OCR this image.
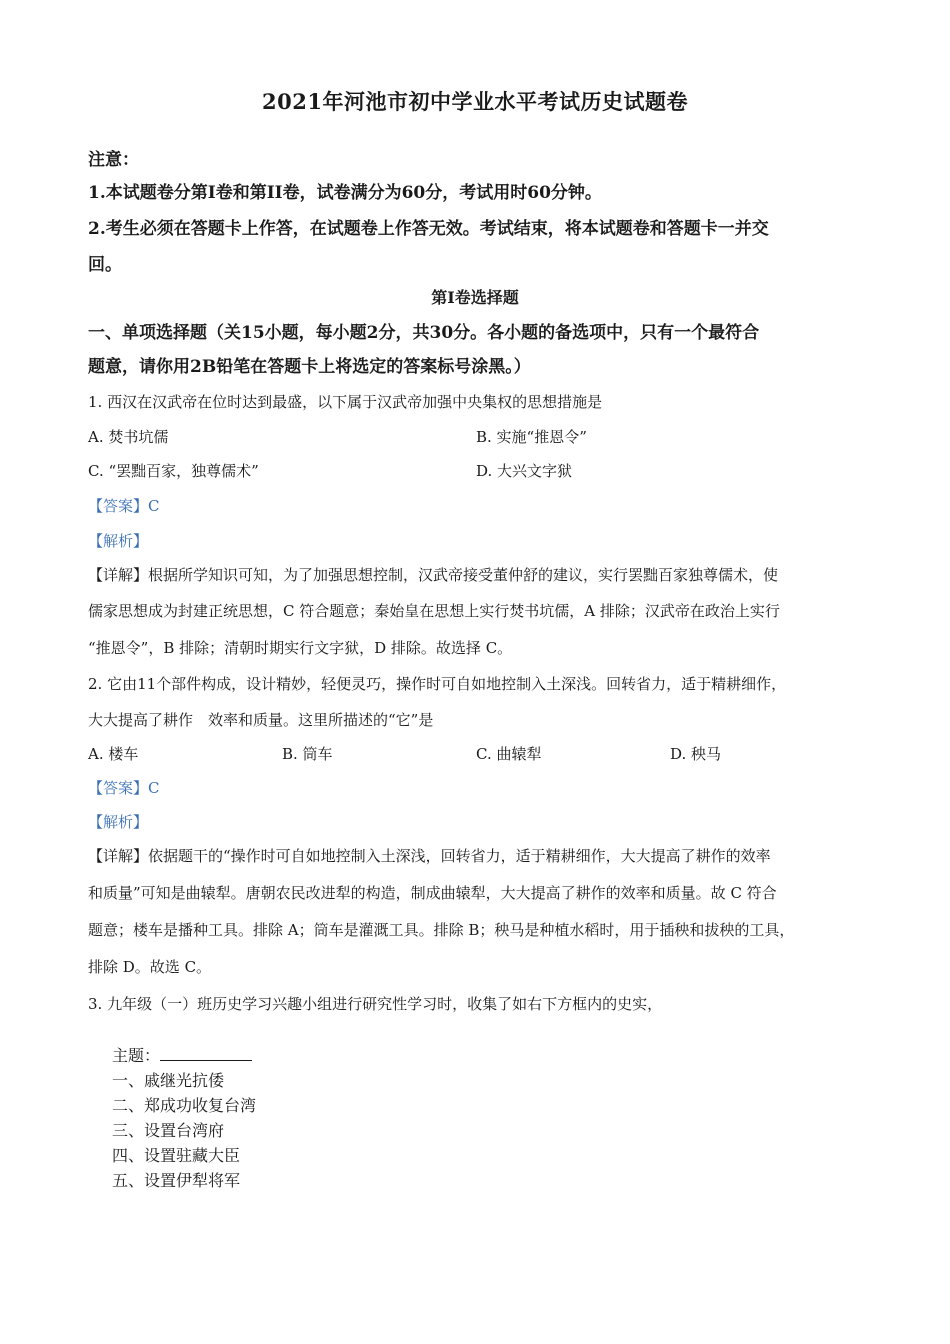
2021年河池市初中学业水平考试历史试题卷
注意：
1.本试题卷分第Ⅰ卷和第II卷，试卷满分为60分，考试用时60分钟。
2.考生必须在答题卡上作答，在试题卷上作答无效。考试结束，将本试题卷和答题卡一并交
回。
第Ⅰ卷选择题
一、单项选择题（关15小题，每小题2分，共30分。各小题的备选项中，只有一个最符合
题意，请你用2B铅笔在答题卡上将选定的答案标号涂黑。）
1. 西汉在汉武帝在位时达到最盛，以下属于汉武帝加强中央集权的思想措施是
A. 焚书坑儒	B. 实施“推恩令”
C. “罢黜百家，独尊儒术”	D. 大兴文字狱
【答案】C
【解析】
【详解】根据所学知识可知，为了加强思想控制，汉武帝接受董仲舒的建议，实行罢黜百家独尊儒术，使
儒家思想成为封建正统思想，C 符合题意；秦始皇在思想上实行焚书坑儒，A 排除；汉武帝在政治上实行
“推恩令”，B 排除；清朝时期实行文字狱，D 排除。故选择 C。
2. 它由11个部件构成，设计精妙，轻便灵巧，操作时可自如地控制入土深浅。回转省力，适于精耕细作，
大大提高了耕作　效率和质量。这里所描述的“它”是
A. 楼车	B. 筒车	C. 曲辕犁	D. 秧马
【答案】C
【解析】
【详解】依据题干的“操作时可自如地控制入土深浅，回转省力，适于精耕细作，大大提高了耕作的效率
和质量”可知是曲辕犁。唐朝农民改进犁的构造，制成曲辕犁，大大提高了耕作的效率和质量。故 C 符合
题意；楼车是播种工具。排除 A；筒车是灌溉工具。排除 B；秧马是种植水稻时，用于插秧和拔秧的工具，
排除 D。故选 C。
3. 九年级（一）班历史学习兴趣小组进行研究性学习时，收集了如右下方框内的史实，
主题：
一、戚继光抗倭
二、郑成功收复台湾
三、设置台湾府
四、设置驻藏大臣
五、设置伊犁将军
